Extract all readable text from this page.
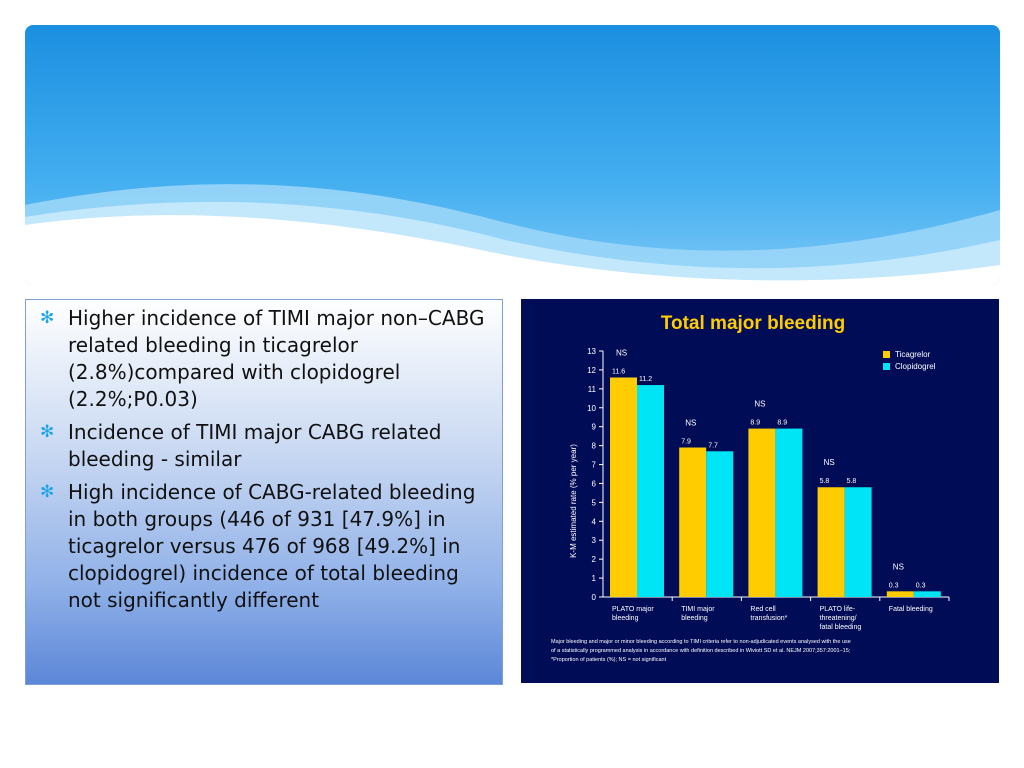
✻ Higher incidence of TIMI major non–CABG related bleeding in ticagrelor (2.8%)compared with clopidogrel (2.2%;P0.03)
✻ Incidence of TIMI major CABG related bleeding - similar
✻ High incidence of CABG-related bleeding in both groups (446 of 931 [47.9%] in ticagrelor versus 476 of 968 [49.2%] in clopidogrel) incidence of total bleeding not significantly different
Total major bleeding
K-M estimated rate (% per year)
0
1
2
3
4
5
6
7
8
9
10
11
12
13
11.6
11.2
NS
PLATO major
bleeding
7.9
7.7
NS
TIMI major
bleeding
8.9 8.9
NS
Red cell
transfusion*
5.8 5.8
NS
PLATO life-
threatening/
fatal bleeding
0.3 0.3
NS
Fatal bleeding
Ticagrelor
Clopidogrel
Major bleeding and major or minor bleeding according to TIMI criteria refer to non-adjudicated events analysed with the use
of a statistically programmed analysis in accordance with definition described in Wiviott SD et al. NEJM 2007;357:2001–15;
*Proportion of patients (%); NS = not significant
